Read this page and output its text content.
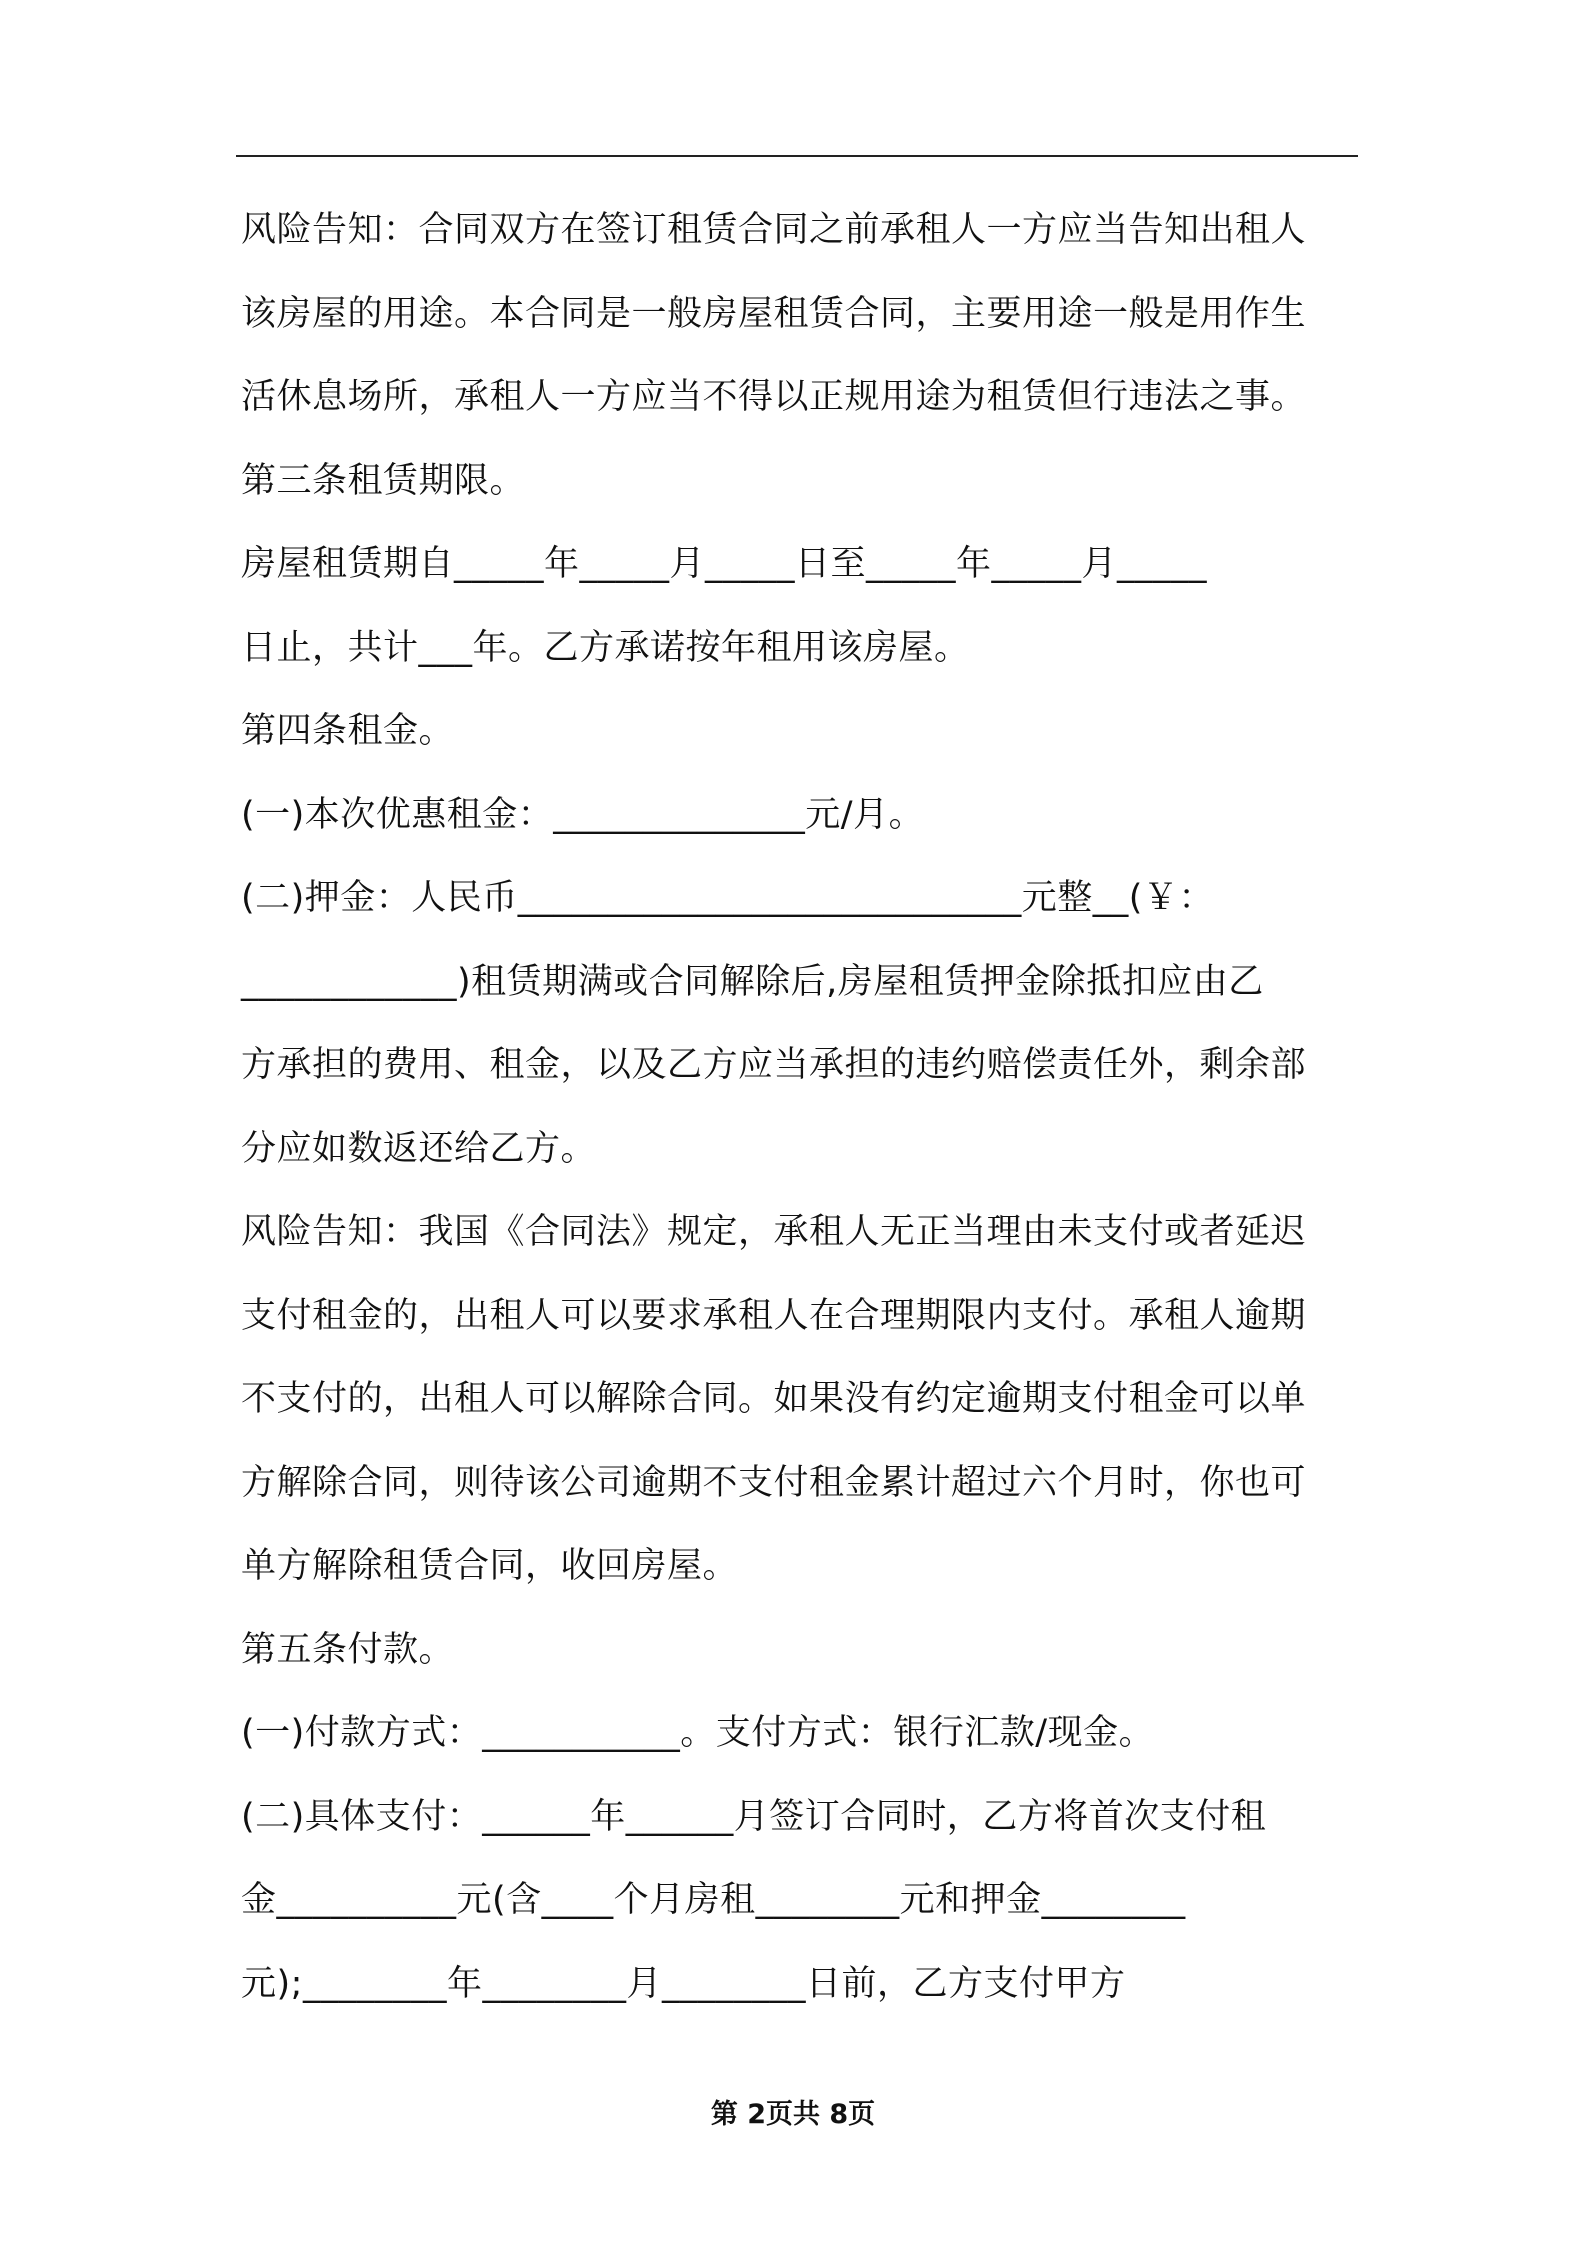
风险告知：合同双方在签订租赁合同之前承租人一方应当告知出租人
该房屋的用途。本合同是一般房屋租赁合同，主要用途一般是用作生
活休息场所，承租人一方应当不得以正规用途为租赁但行违法之事。
第三条租赁期限。
房屋租赁期自_____年_____月_____日至_____年_____月_____
日止，共计___年。乙方承诺按年租用该房屋。
第四条租金。
(一)本次优惠租金：______________元/月。
(二)押金：人民币____________________________元整__(￥：
____________)租赁期满或合同解除后,房屋租赁押金除抵扣应由乙
方承担的费用、租金，以及乙方应当承担的违约赔偿责任外，剩余部
分应如数返还给乙方。
风险告知：我国《合同法》规定，承租人无正当理由未支付或者延迟
支付租金的，出租人可以要求承租人在合理期限内支付。承租人逾期
不支付的，出租人可以解除合同。如果没有约定逾期支付租金可以单
方解除合同，则待该公司逾期不支付租金累计超过六个月时，你也可
单方解除租赁合同，收回房屋。
第五条付款。
(一)付款方式：___________。支付方式：银行汇款/现金。
(二)具体支付：______年______月签订合同时，乙方将首次支付租
金__________元(含____个月房租________元和押金________
元);________年________月________日前，乙方支付甲方
第 2页共 8页
